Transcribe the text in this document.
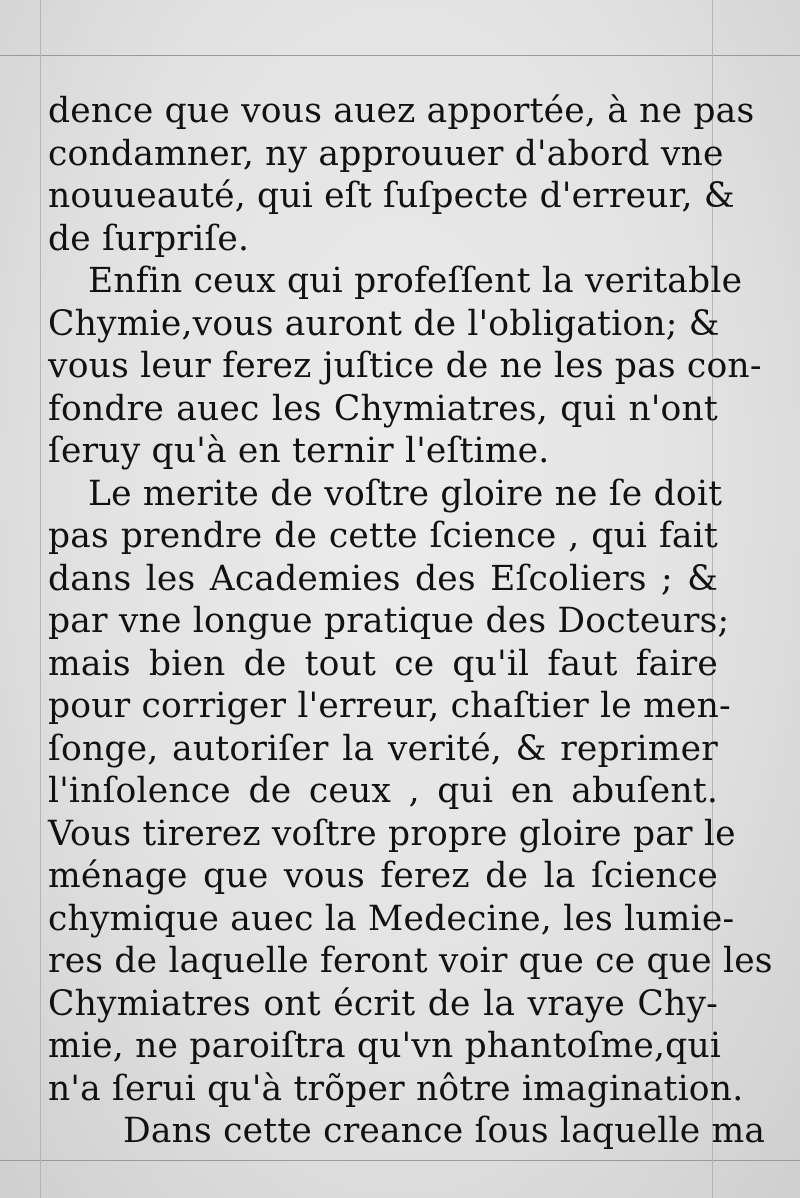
dence que vous auez apportée, à ne pas
condamner, ny approuuer d'abord vne
nouueauté, qui eſt ſuſpecte d'erreur, &
de ſurpriſe.
Enfin ceux qui profeſſent la veritable
Chymie,vous auront de l'obligation; &
vous leur ferez juſtice de ne les pas con-
fondre auec les Chymiatres, qui n'ont
ſeruy qu'à en ternir l'eſtime.
Le merite de voſtre gloire ne ſe doit
pas prendre de cette ſcience , qui fait
dans les Academies des Eſcoliers ; &
par vne longue pratique des Docteurs;
mais bien de tout ce qu'il faut faire
pour corriger l'erreur, chaſtier le men-
ſonge, autoriſer la verité, & reprimer
l'inſolence de ceux , qui en abuſent.
Vous tirerez voſtre propre gloire par le
ménage que vous ferez de la ſcience
chymique auec la Medecine, les lumie-
res de laquelle feront voir que ce que les
Chymiatres ont écrit de la vraye Chy-
mie, ne paroiſtra qu'vn phantoſme,qui
n'a ſerui qu'à trõper nôtre imagination.
Dans cette creance ſous laquelle ma
